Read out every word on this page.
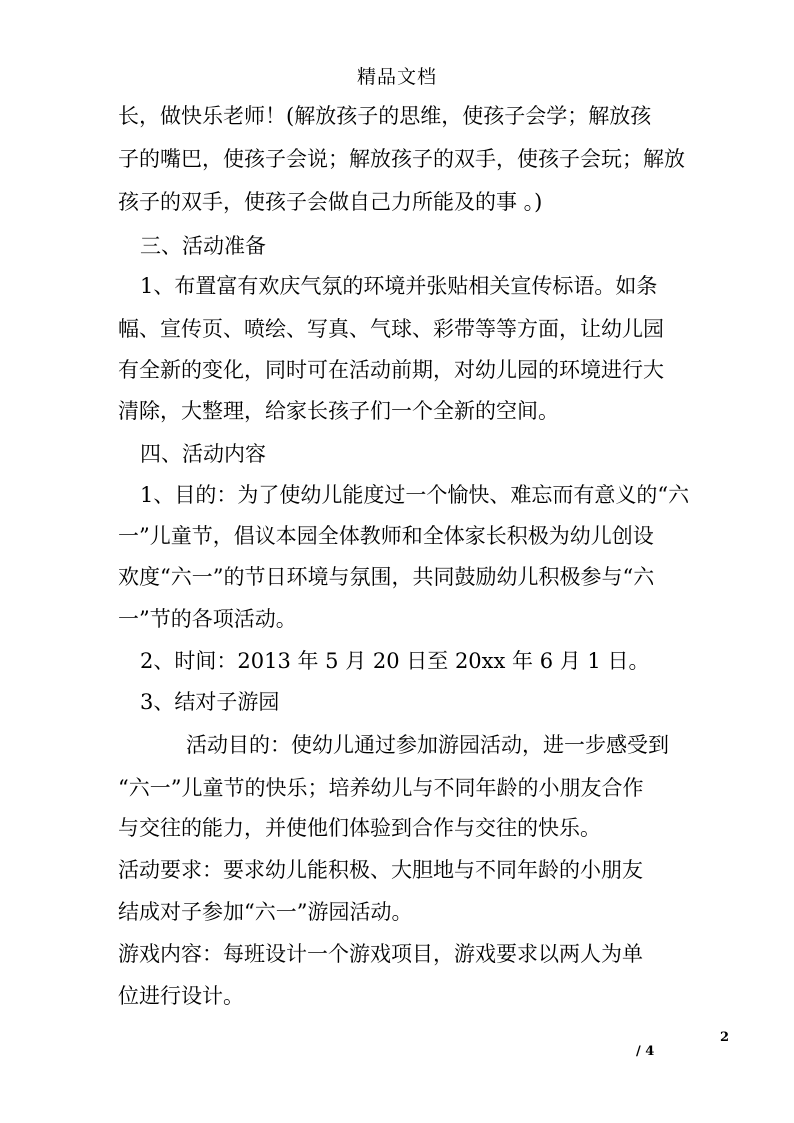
精品文档
长，做快乐老师！(解放孩子的思维，使孩子会学；解放孩
子的嘴巴，使孩子会说；解放孩子的双手，使孩子会玩；解放
孩子的双手，使孩子会做自己力所能及的事 。)
三、活动准备
1、布置富有欢庆气氛的环境并张贴相关宣传标语。如条
幅、宣传页、喷绘、写真、气球、彩带等等方面，让幼儿园
有全新的变化，同时可在活动前期，对幼儿园的环境进行大
清除，大整理，给家长孩子们一个全新的空间。
四、活动内容
1、目的：为了使幼儿能度过一个愉快、难忘而有意义的“六
一”儿童节，倡议本园全体教师和全体家长积极为幼儿创设
欢度“六一”的节日环境与氛围，共同鼓励幼儿积极参与“六
一”节的各项活动。
2、时间：2013 年 5 月 20 日至 20xx 年 6 月 1 日。
3、结对子游园
活动目的：使幼儿通过参加游园活动，进一步感受到
“六一”儿童节的快乐；培养幼儿与不同年龄的小朋友合作
与交往的能力，并使他们体验到合作与交往的快乐。
活动要求：要求幼儿能积极、大胆地与不同年龄的小朋友
结成对子参加“六一”游园活动。
游戏内容：每班设计一个游戏项目，游戏要求以两人为单
位进行设计。
2
/ 4
